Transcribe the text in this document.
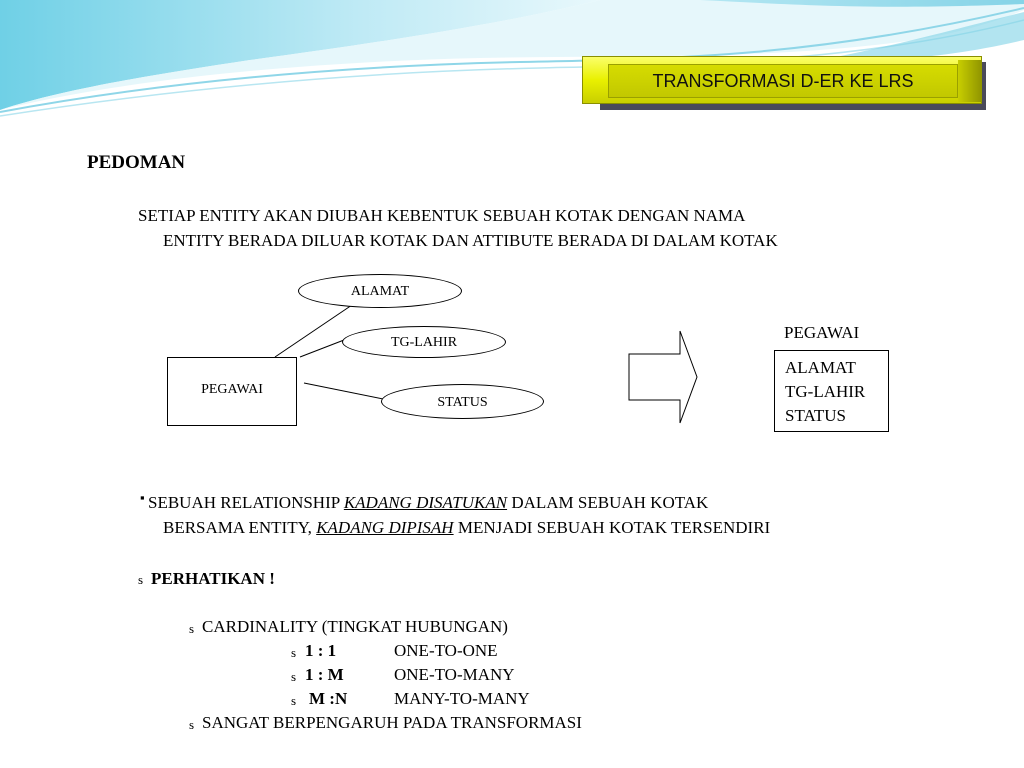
TRANSFORMASI D-ER KE LRS
PEDOMAN
SETIAP ENTITY AKAN DIUBAH KEBENTUK SEBUAH KOTAK DENGAN NAMA
ENTITY BERADA DILUAR KOTAK DAN ATTIBUTE BERADA DI DALAM KOTAK
PEGAWAI
ALAMAT
TG-LAHIR
STATUS
PEGAWAI
ALAMAT
TG-LAHIR
STATUS
▪ SEBUAH RELATIONSHIP KADANG DISATUKAN DALAM SEBUAH KOTAK
BERSAMA ENTITY, KADANG DIPISAH MENJADI SEBUAH KOTAK TERSENDIRI
s PERHATIKAN !
s CARDINALITY (TINGKAT HUBUNGAN)
s 1 : 1	ONE-TO-ONE
s 1 : M	ONE-TO-MANY
s M :N	MANY-TO-MANY
s SANGAT BERPENGARUH PADA TRANSFORMASI
